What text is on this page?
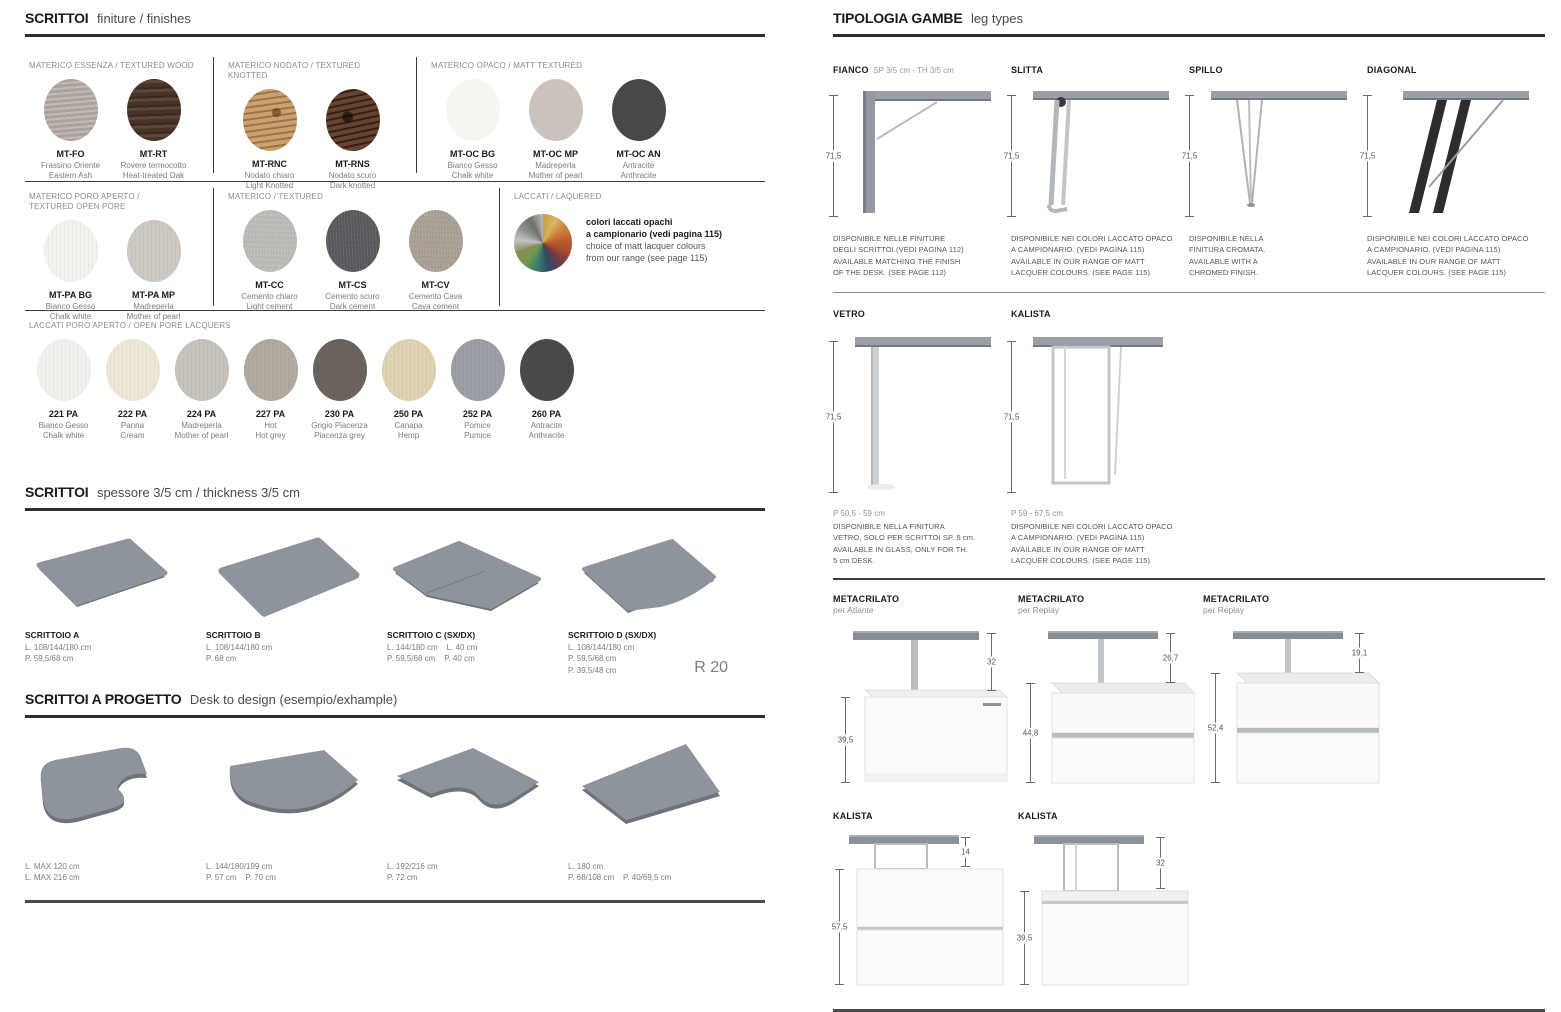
SCRITTOI finiture / finishes
MATERICO ESSENZA / TEXTURED WOOD
MT-FO
Frassino Oriente
Eastern Ash
MT-RT
Rovere termocotto
Heat-treated Oak
MATERICO NODATO / TEXTURED KNOTTED
MT-RNC
Nodato chiaro
Light Knotted
MT-RNS
Nodato scuro
Dark knotted
MATERICO OPACO / MATT TEXTURED
MT-OC BG
Bianco Gesso
Chalk white
MT-OC MP
Madreperla
Mother of pearl
MT-OC AN
Antracite
Anthracite
MATERICO PORO APERTO / TEXTURED OPEN PORE
MT-PA BG
Bianco Gesso
Chalk white
MT-PA MP
Madreperla
Mother of pearl
MATERICO / TEXTURED
MT-CC
Cemento chiaro
Light cement
MT-CS
Cemento scuro
Dark cement
MT-CV
Cemento Cava
Cava cement
LACCATI / LAQUERED
colori laccati opachi
a campionario (vedi pagina 115)
choice of matt lacquer colours
from our range (see page 115)
LACCATI PORO APERTO / OPEN PORE LACQUERS
221 PA
Bianco Gesso
Chalk white
222 PA
Panna
Cream
224 PA
Madreperla
Mother of pearl
227 PA
Hot
Hot grey
230 PA
Grigio Piacenza
Piacenza grey
250 PA
Canapa
Hemp
252 PA
Pomice
Pumice
260 PA
Antracite
Anthracite
SCRITTOI spessore 3/5 cm / thickness 3/5 cm
SCRITTOIO A
L. 108/144/180 cm
P. 59,5/68 cm
SCRITTOIO B
L. 108/144/180 cm
P. 68 cm
SCRITTOIO C (SX/DX)
L. 144/180 cm    L. 40 cm
P. 59,5/68 cm    P. 40 cm
SCRITTOIO D (SX/DX)
L. 108/144/180 cm
P. 59,5/68 cm
P. 39,5/48 cm	R 20
SCRITTOI A PROGETTO Desk to design (esempio/exhample)
L. MAX 120 cm
L. MAX 216 cm
L. 144/180/199 cm
P. 57 cm    P. 70 cm
L. 192/216 cm
P. 72 cm
L. 180 cm
P. 68/108 cm    P. 40/69,5 cm
TIPOLOGIA GAMBE leg types
FIANCO SP 3/5 cm - TH 3/5 cm
71,5
DISPONIBILE NELLE FINITURE
DEGLI SCRITTOI.(VEDI PAGINA 112)
AVAILABLE MATCHING THE FINISH
OF THE DESK. (SEE PAGE 112)
SLITTA
71,5
DISPONIBILE NEI COLORI LACCATO OPACO
A CAMPIONARIO. (VEDI PAGINA 115)
AVAILABLE IN OUR RANGE OF MATT
LACQUER COLOURS. (SEE PAGE 115)
SPILLO
71,5
DISPONIBILE NELLA
FINITURA CROMATA.
AVAILABLE WITH A
CHROMED FINISH.
DIAGONAL
71,5
DISPONIBILE NEI COLORI LACCATO OPACO
A CAMPIONARIO. (VEDI PAGINA 115)
AVAILABLE IN OUR RANGE OF MATT
LACQUER COLOURS. (SEE PAGE 115)
VETRO
71,5
P 50,5 - 59 cm
DISPONIBILE NELLA FINITURA
VETRO, SOLO PER SCRITTOI SP. 5 cm.
AVAILABLE IN GLASS, ONLY FOR TH.
5 cm DESK.
KALISTA
71,5
P 59 - 67,5 cm
DISPONIBILE NEI COLORI LACCATO OPACO
A CAMPIONARIO. (VEDI PAGINA 115)
AVAILABLE IN OUR RANGE OF MATT
LACQUER COLOURS. (SEE PAGE 115)
METACRILATO
per Atlante
32
39,5
METACRILATO
per Replay
26,7
44,8
METACRILATO
per Replay
19,1
52,4
KALISTA
14
57,5
KALISTA
32
39,5
